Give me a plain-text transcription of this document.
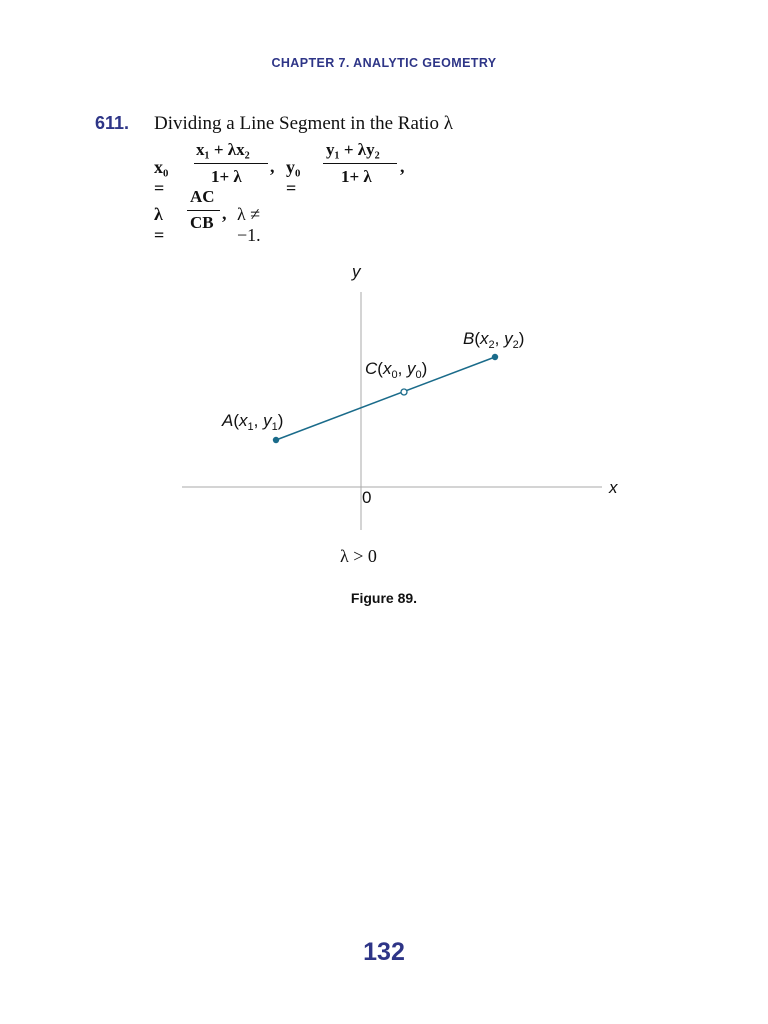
CHAPTER 7. ANALYTIC GEOMETRY
611. Dividing a Line Segment in the Ratio λ
x₀ =
x₁ + λx₂
1+ λ
, y₀ =
y₁ + λy₂
1+ λ
,
λ =
AC
CB , λ ≠ −1.
y
x
0
$A(x_1$, $y_1$)
$B(x_2$, $y_2$)
$C(x_0$, $y_0$)
λ > 0
Figure 89.
132
